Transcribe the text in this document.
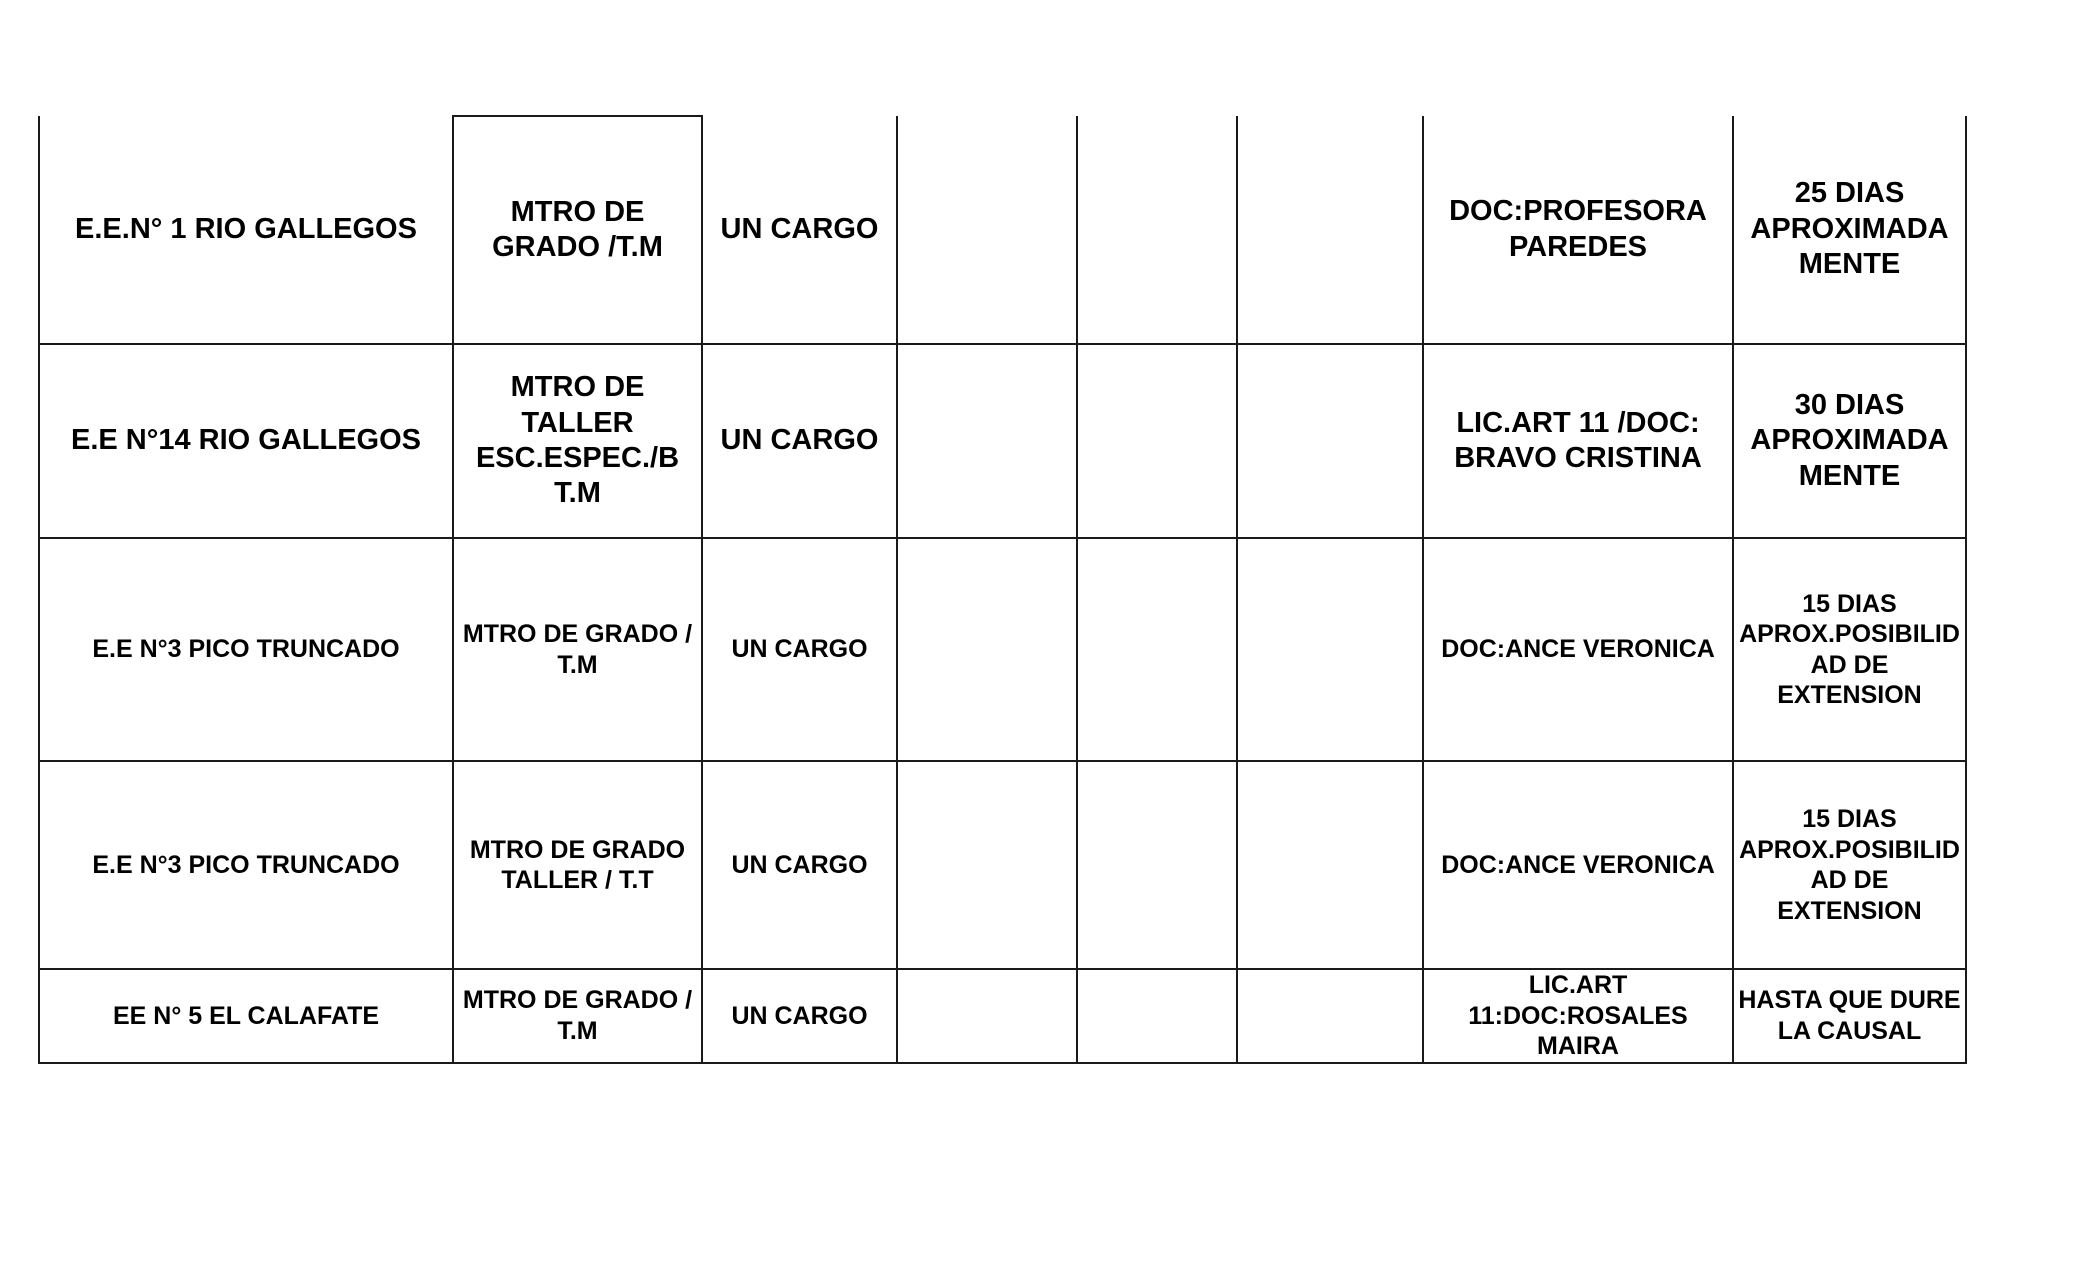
E.E.N° 1 RIO GALLEGOS	MTRO DE GRADO /T.M	UN CARGO				DOC:PROFESORA PAREDES	25 DIAS APROXIMADA MENTE
E.E N°14 RIO GALLEGOS	MTRO DE TALLER ESC.ESPEC./B T.M	UN CARGO				LIC.ART 11 /DOC: BRAVO CRISTINA	30 DIAS APROXIMADA MENTE
E.E N°3 PICO TRUNCADO	MTRO DE GRADO / T.M	UN CARGO				DOC:ANCE VERONICA	15 DIAS APROX.POSIBILID AD DE EXTENSION
E.E N°3 PICO TRUNCADO	MTRO DE GRADO TALLER / T.T	UN CARGO				DOC:ANCE VERONICA	15 DIAS APROX.POSIBILID AD DE EXTENSION
EE N° 5 EL CALAFATE	MTRO DE GRADO / T.M	UN CARGO				LIC.ART 11:DOC:ROSALES MAIRA	HASTA QUE DURE LA CAUSAL
